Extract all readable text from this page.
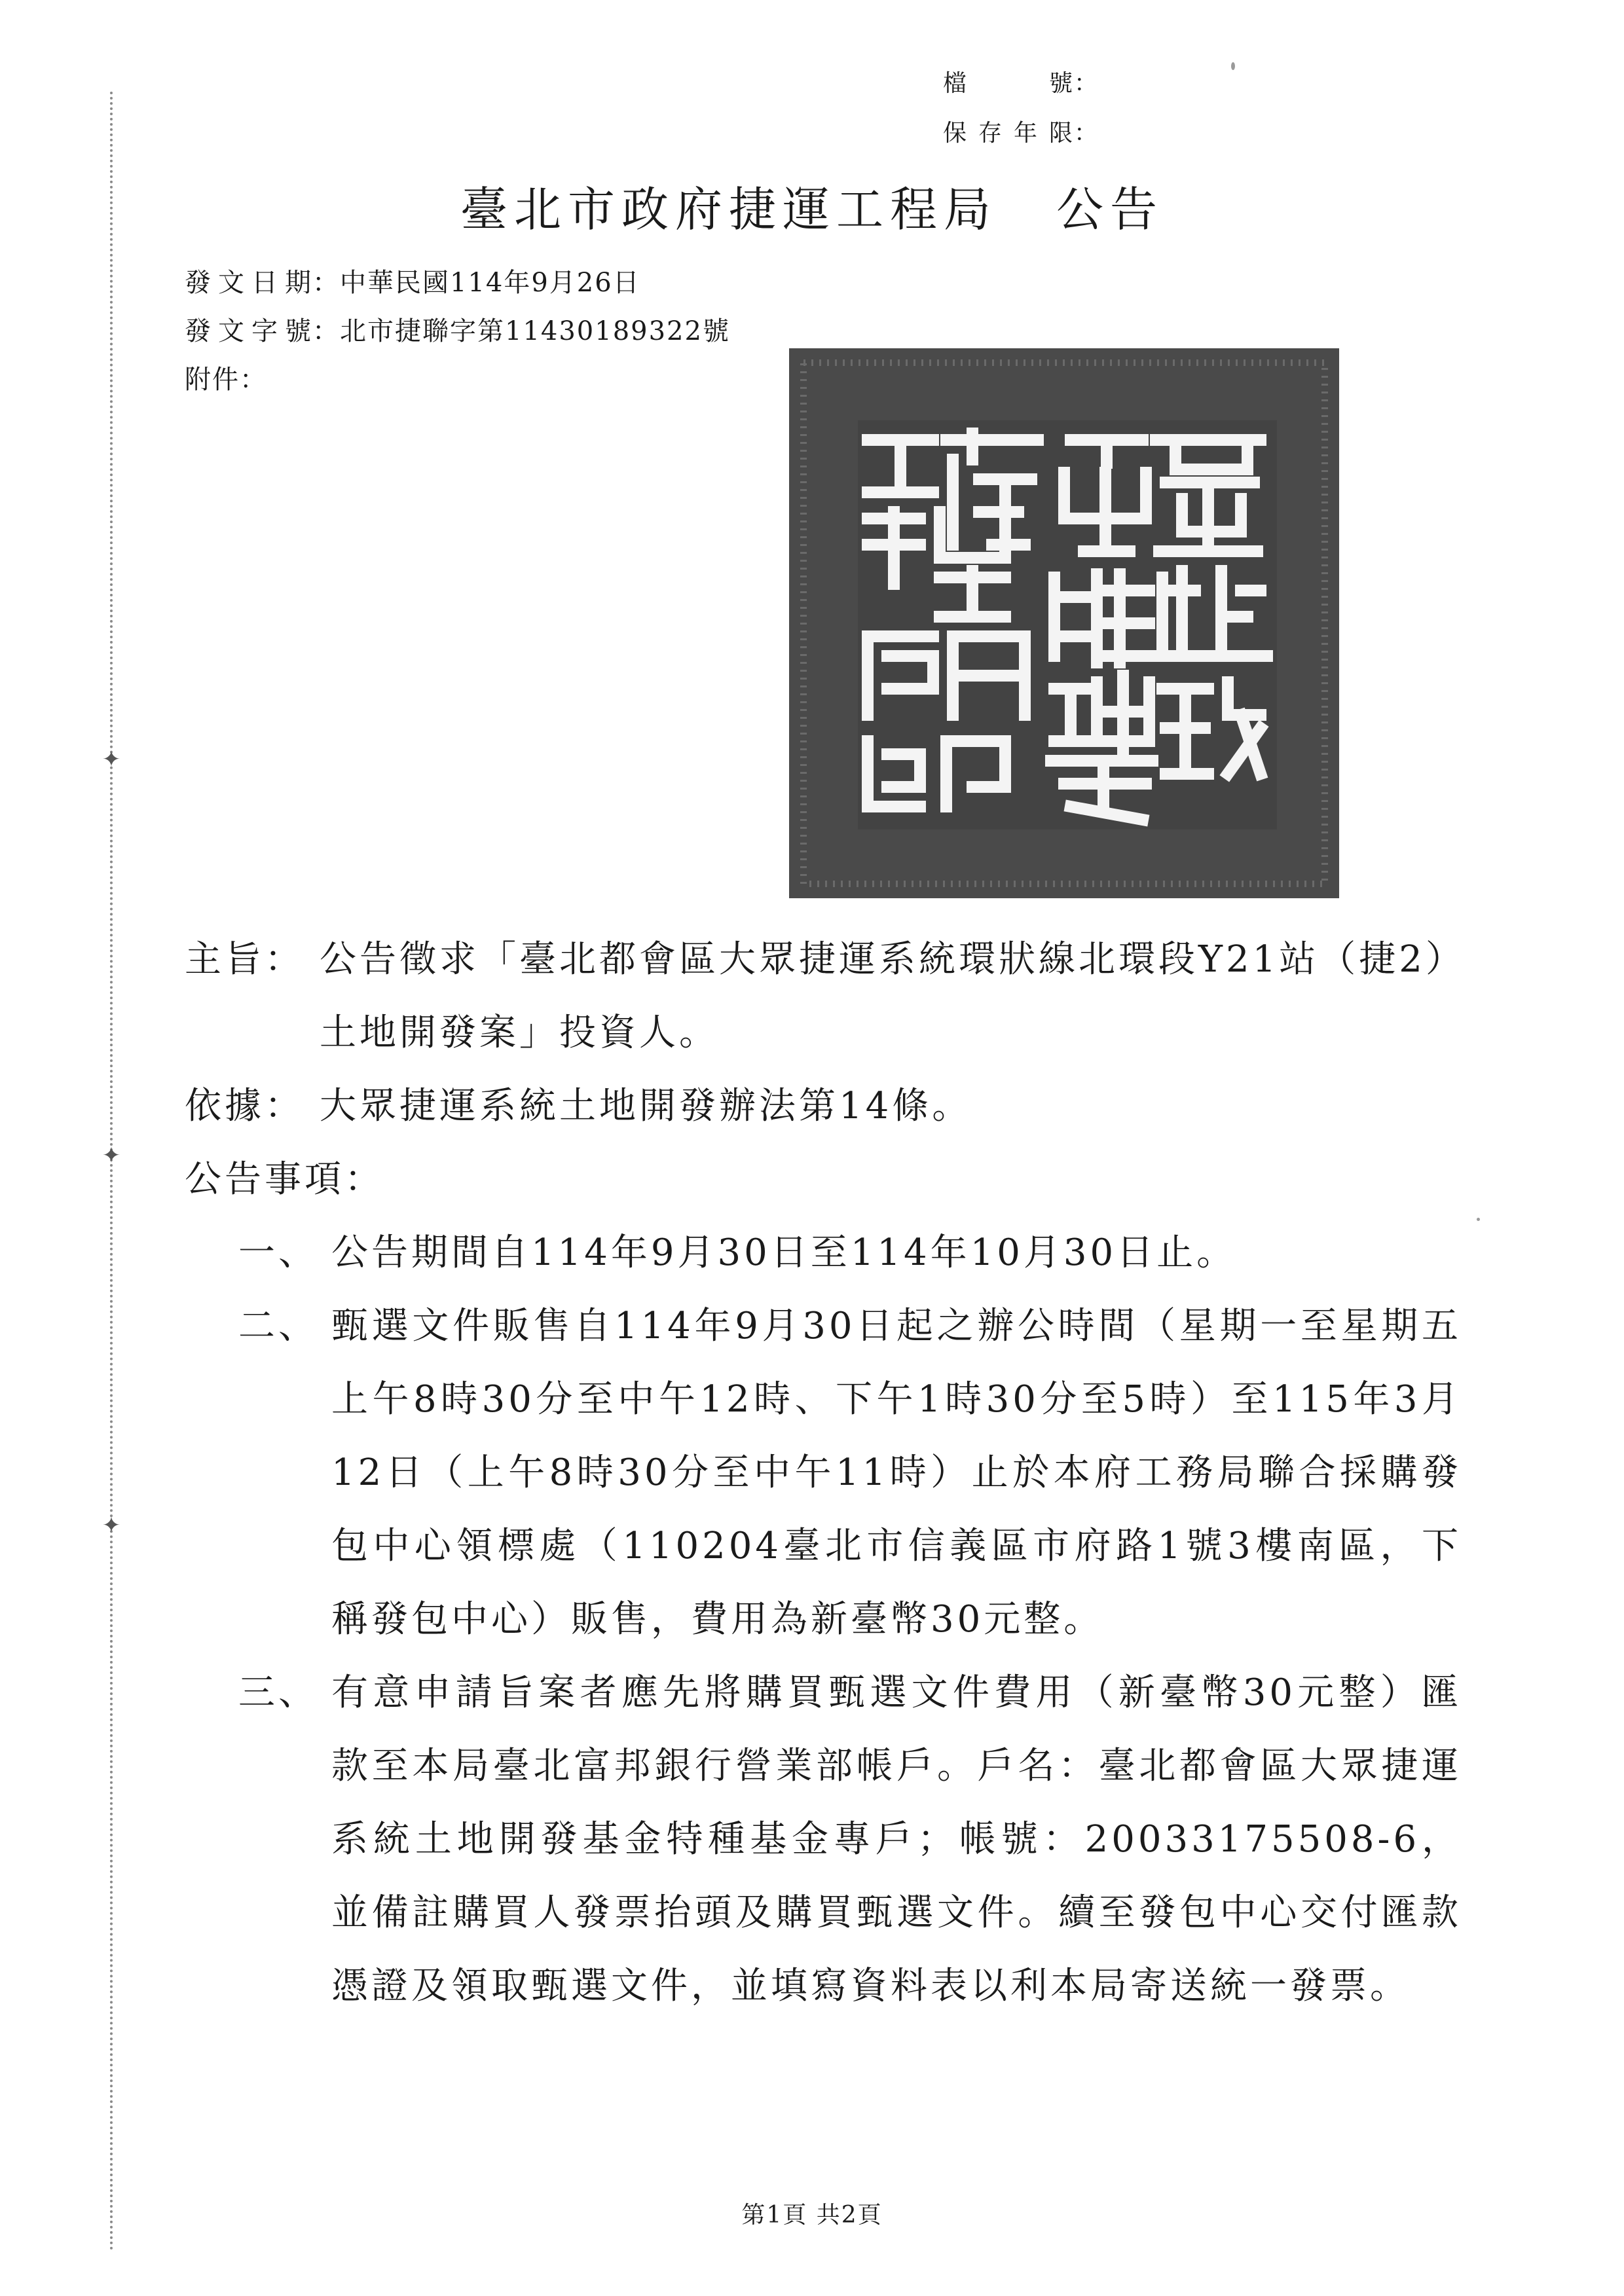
✦
✦
✦
檔　　號 ：
保存年限 ：
臺北市政府捷運工程局 公告
發文日期 ： 中華民國114年9月26日
發文字號 ： 北市捷聯字第11430189322號
附件 ：
主旨： 公告徵求「臺北都會區大眾捷運系統環狀線北環段Y21站（捷2）土地開發案」投資人。
依據： 大眾捷運系統土地開發辦法第14條。
公告事項：
一、 公告期間自114年9月30日至114年10月30日止。
二、 甄選文件販售自114年9月30日起之辦公時間（星期一至星期五上午8時30分至中午12時、下午1時30分至5時）至115年3月12日（上午8時30分至中午11時）止於本府工務局聯合採購發包中心領標處（110204臺北市信義區市府路1號3樓南區，下稱發包中心）販售，費用為新臺幣30元整。
三、 有意申請旨案者應先將購買甄選文件費用（新臺幣30元整）匯款至本局臺北富邦銀行營業部帳戶。戶名：臺北都會區大眾捷運系統土地開發基金特種基金專戶；帳號：20033175508-6，並備註購買人發票抬頭及購買甄選文件。續至發包中心交付匯款憑證及領取甄選文件，並填寫資料表以利本局寄送統一發票。
第1頁 共2頁
